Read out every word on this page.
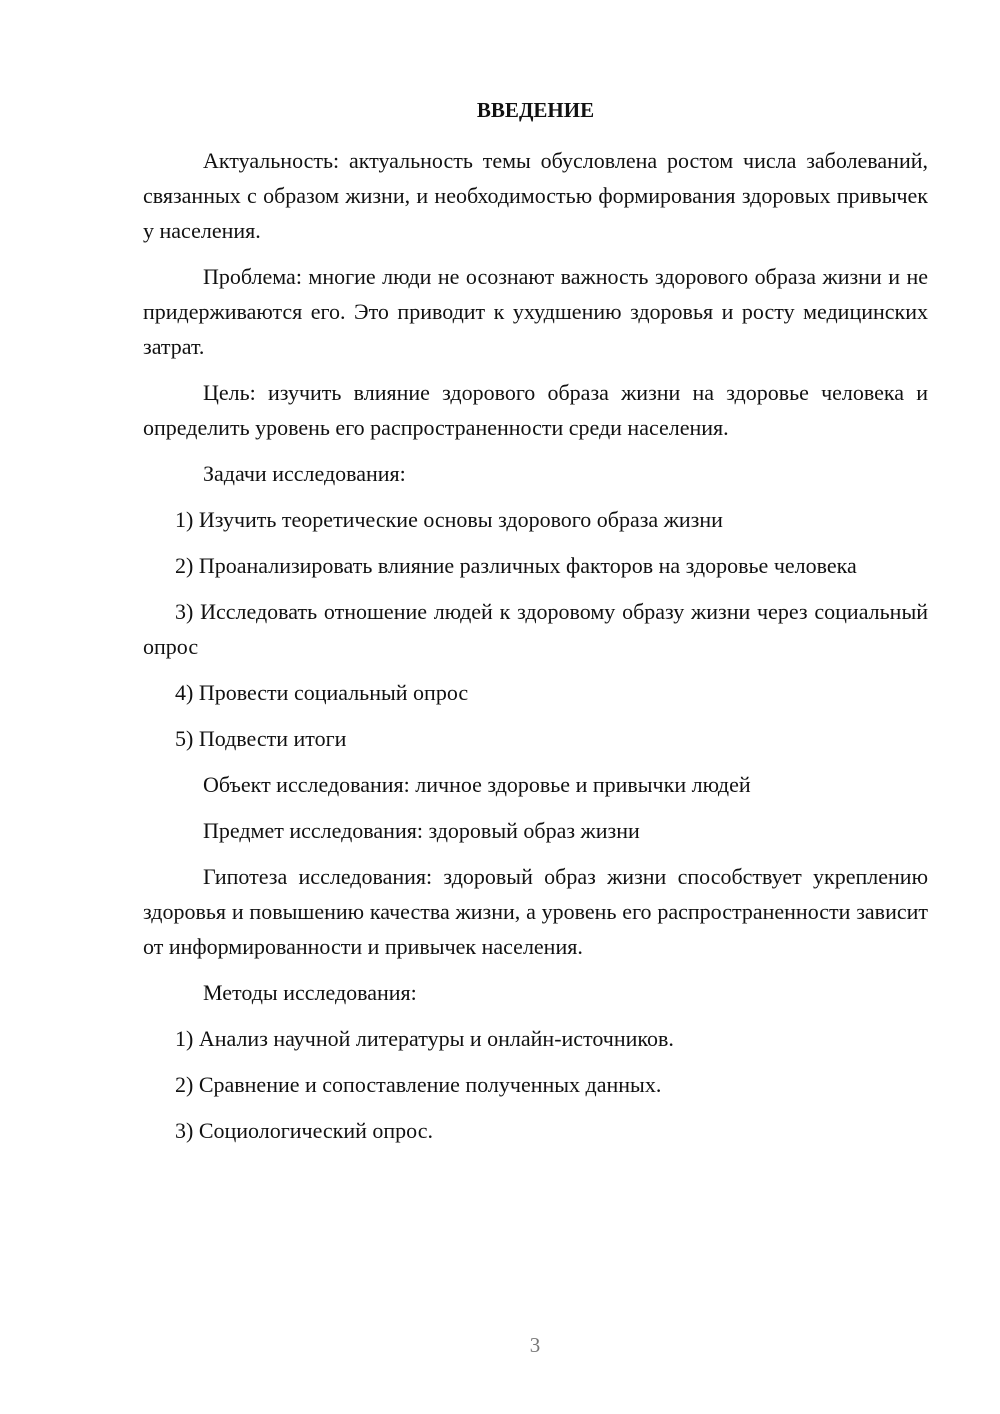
ВВЕДЕНИЕ

Актуальность: актуальность темы обусловлена ростом числа заболеваний, связанных с образом жизни, и необходимостью формирования здоровых привычек у населения.

Проблема: многие люди не осознают важность здорового образа жизни и не придерживаются его. Это приводит к ухудшению здоровья и росту медицинских затрат.

Цель: изучить влияние здорового образа жизни на здоровье человека и определить уровень его распространенности среди населения.

Задачи исследования:

1) Изучить теоретические основы здорового образа жизни

2) Проанализировать влияние различных факторов на здоровье человека

3) Исследовать отношение людей к здоровому образу жизни через социальный опрос

4) Провести социальный опрос

5) Подвести итоги

Объект исследования: личное здоровье и привычки людей

Предмет исследования: здоровый образ жизни

Гипотеза исследования: здоровый образ жизни способствует укреплению здоровья и повышению качества жизни, а уровень его распространенности зависит от информированности и привычек населения.

Методы исследования:

1) Анализ научной литературы и онлайн-источников.

2) Сравнение и сопоставление полученных данных.

3) Социологический опрос.

3
